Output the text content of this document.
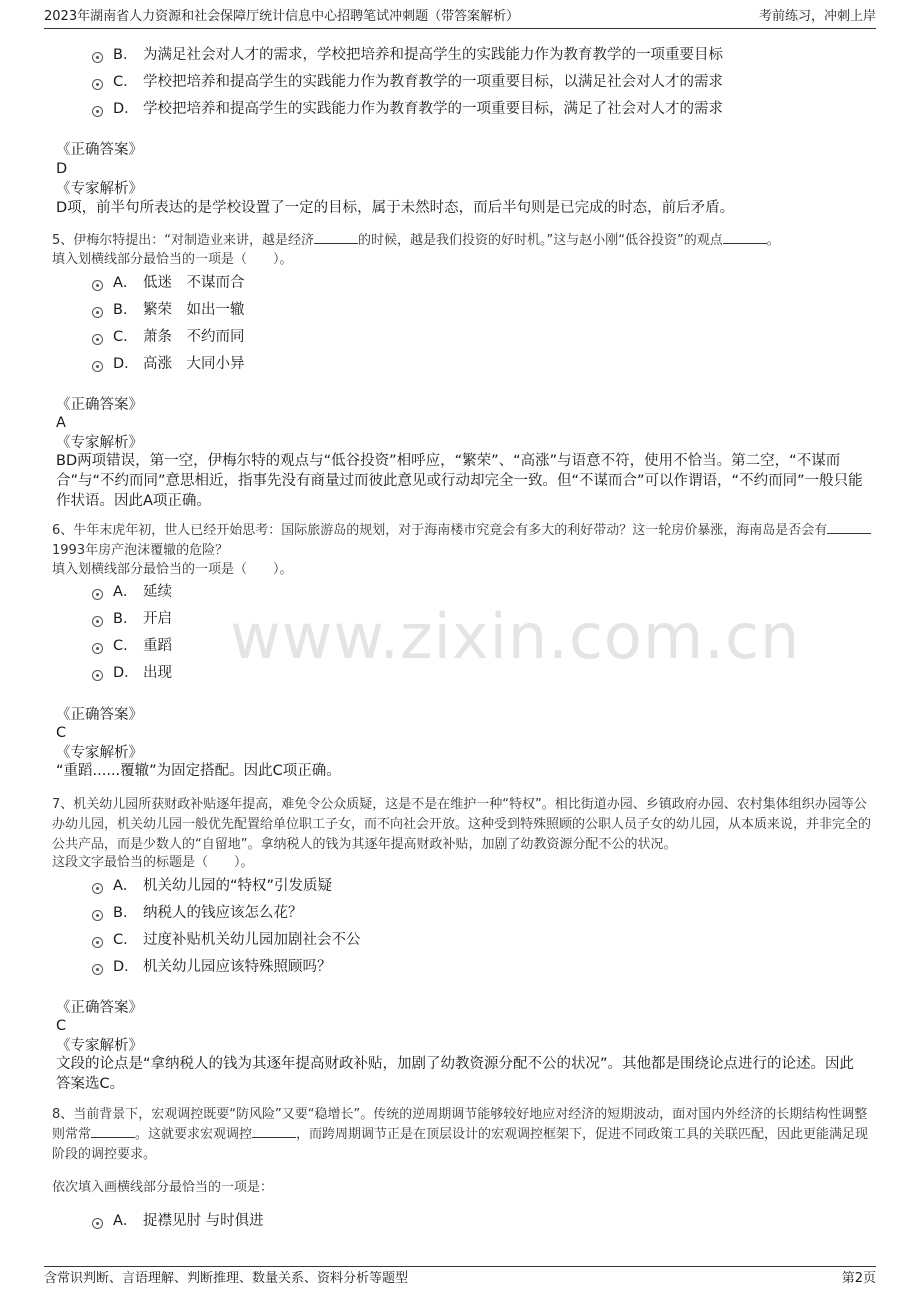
2023年湖南省人力资源和社会保障厅统计信息中心招聘笔试冲刺题（带答案解析）	考前练习，冲刺上岸
www.zixin.com.cn
B． 为满足社会对人才的需求，学校把培养和提高学生的实践能力作为教育教学的一项重要目标
C． 学校把培养和提高学生的实践能力作为教育教学的一项重要目标，以满足社会对人才的需求
D． 学校把培养和提高学生的实践能力作为教育教学的一项重要目标，满足了社会对人才的需求
《正确答案》
D
《专家解析》
D项，前半句所表达的是学校设置了一定的目标，属于未然时态，而后半句则是已完成的时态，前后矛盾。
5、伊梅尔特提出：“对制造业来讲，越是经济	的时候，越是我们投资的好时机。”这与赵小刚“低谷投资”的观点	。
填入划横线部分最恰当的一项是（　　）。
A． 低迷　不谋而合
B． 繁荣　如出一辙
C． 萧条　不约而同
D． 高涨　大同小异
《正确答案》
A
《专家解析》
BD两项错误，第一空，伊梅尔特的观点与“低谷投资”相呼应，“繁荣”、“高涨”与语意不符，使用不恰当。第二空，“不谋而合”与“不约而同”意思相近，指事先没有商量过而彼此意见或行动却完全一致。但“不谋而合”可以作谓语，“不约而同”一般只能作状语。因此A项正确。
6、牛年末虎年初，世人已经开始思考：国际旅游岛的规划，对于海南楼市究竟会有多大的利好带动？这一轮房价暴涨，海南岛是否会有1993年房产泡沫覆辙的危险？
填入划横线部分最恰当的一项是（　　）。
A． 延续
B． 开启
C． 重蹈
D． 出现
《正确答案》
C
《专家解析》
“重蹈......覆辙”为固定搭配。因此C项正确。
7、机关幼儿园所获财政补贴逐年提高，难免令公众质疑，这是不是在维护一种“特权”。相比街道办园、乡镇政府办园、农村集体组织办园等公办幼儿园，机关幼儿园一般优先配置给单位职工子女，而不向社会开放。这种受到特殊照顾的公职人员子女的幼儿园，从本质来说，并非完全的公共产品，而是少数人的“自留地”。拿纳税人的钱为其逐年提高财政补贴，加剧了幼教资源分配不公的状况。
这段文字最恰当的标题是（　　）。
A． 机关幼儿园的“特权”引发质疑
B． 纳税人的钱应该怎么花？
C． 过度补贴机关幼儿园加剧社会不公
D． 机关幼儿园应该特殊照顾吗？
《正确答案》
C
《专家解析》
文段的论点是“拿纳税人的钱为其逐年提高财政补贴，加剧了幼教资源分配不公的状况”。其他都是围绕论点进行的论述。因此答案选C。
8、当前背景下，宏观调控既要“防风险”又要“稳增长”。传统的逆周期调节能够较好地应对经济的短期波动，面对国内外经济的长期结构性调整则常常	。这就要求宏观调控	，而跨周期调节正是在顶层设计的宏观调控框架下，促进不同政策工具的关联匹配，因此更能满足现阶段的调控要求。
依次填入画横线部分最恰当的一项是：
A． 捉襟见肘 与时俱进
含常识判断、言语理解、判断推理、数量关系、资料分析等题型	第2页
